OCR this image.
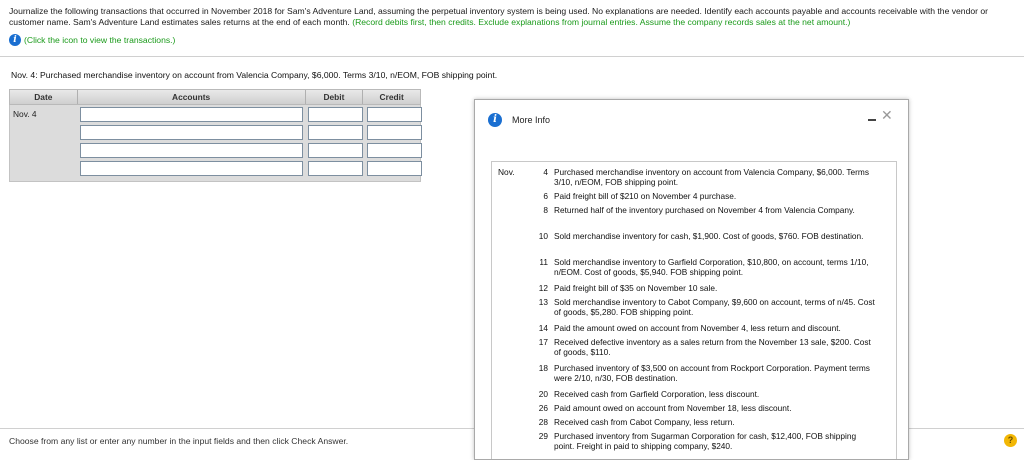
Journalize the following transactions that occurred in November 2018 for Sam's Adventure Land, assuming the perpetual inventory system is being used. No explanations are needed. Identify each accounts payable and accounts receivable with the vendor or customer name. Sam's Adventure Land estimates sales returns at the end of each month. (Record debits first, then credits. Exclude explanations from journal entries. Assume the company records sales at the net amount.)
i (Click the icon to view the transactions.)
Nov. 4: Purchased merchandise inventory on account from Valencia Company, $6,000. Terms 3/10, n/EOM, FOB shipping point.
Date	Accounts	Debit	Credit
Nov. 4
Choose from any list or enter any number in the input fields and then click Check Answer.	?
i	More Info	✕
Nov.	4 Purchased merchandise inventory on account from Valencia Company, $6,000. Terms 3/10, n/EOM, FOB shipping point.
6 Paid freight bill of $210 on November 4 purchase.
8 Returned half of the inventory purchased on November 4 from Valencia Company.
10 Sold merchandise inventory for cash, $1,900. Cost of goods, $760. FOB destination.
11 Sold merchandise inventory to Garfield Corporation, $10,800, on account, terms 1/10, n/EOM. Cost of goods, $5,940. FOB shipping point.
12 Paid freight bill of $35 on November 10 sale.
13 Sold merchandise inventory to Cabot Company, $9,600 on account, terms of n/45. Cost of goods, $5,280. FOB shipping point.
14 Paid the amount owed on account from November 4, less return and discount.
17 Received defective inventory as a sales return from the November 13 sale, $200. Cost of goods, $110.
18 Purchased inventory of $3,500 on account from Rockport Corporation. Payment terms were 2/10, n/30, FOB destination.
20 Received cash from Garfield Corporation, less discount.
26 Paid amount owed on account from November 18, less discount.
28 Received cash from Cabot Company, less return.
29 Purchased inventory from Sugarman Corporation for cash, $12,400, FOB shipping point. Freight in paid to shipping company, $240.
